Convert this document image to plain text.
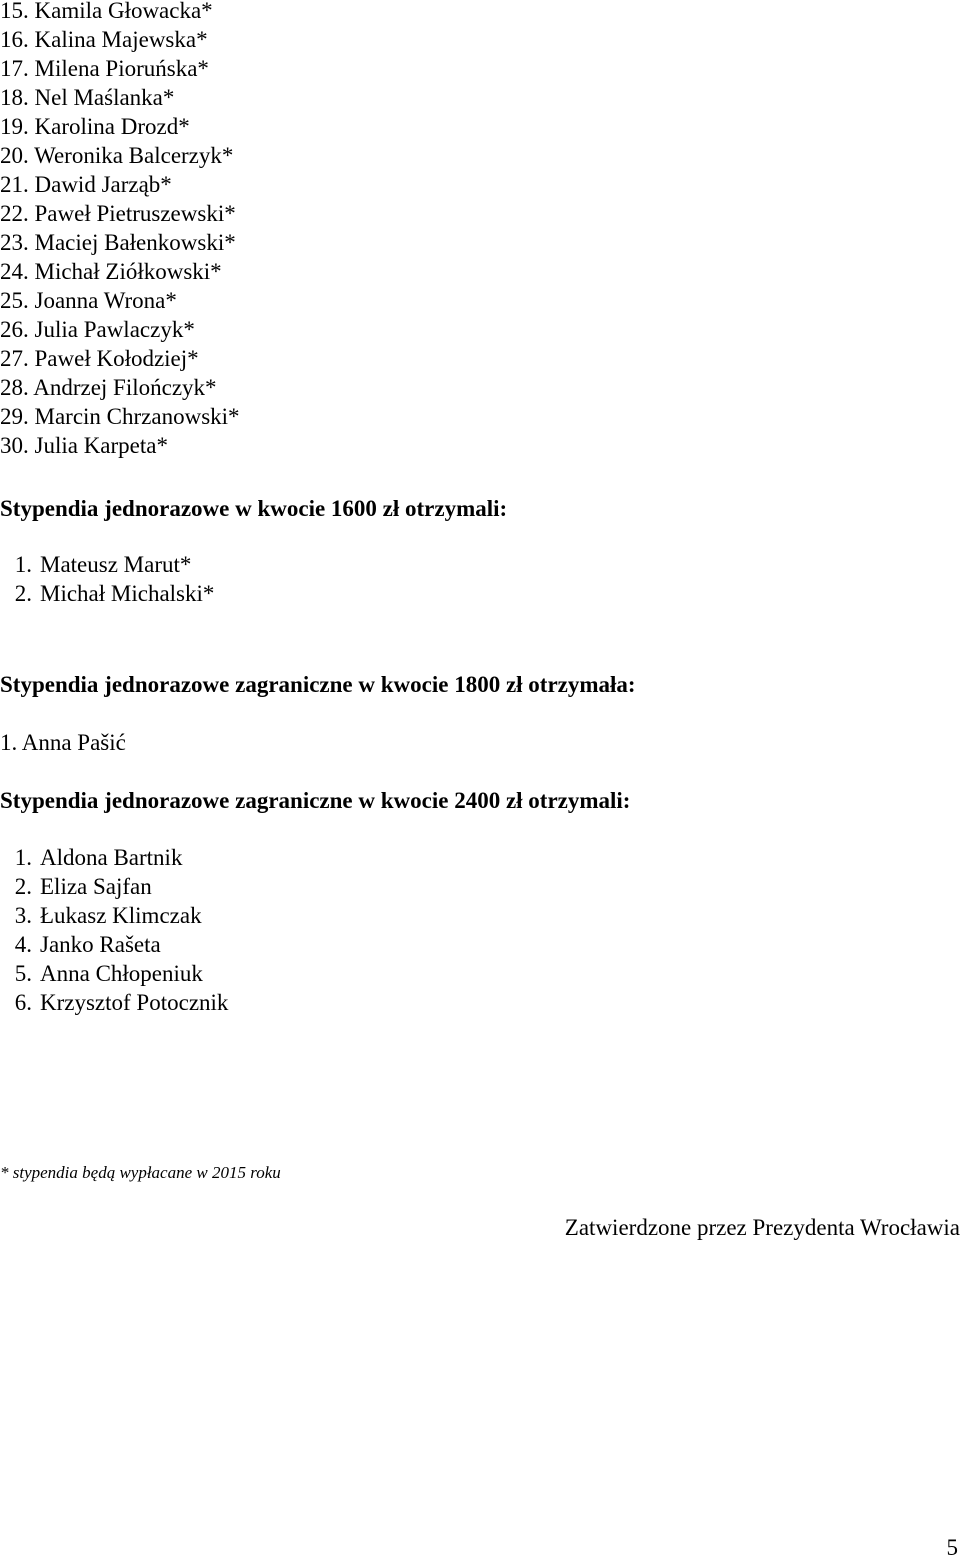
15. Kamila Głowacka*
16. Kalina Majewska*
17. Milena Pioruńska*
18. Nel Maślanka*
19. Karolina Drozd*
20. Weronika Balcerzyk*
21. Dawid Jarząb*
22. Paweł Pietruszewski*
23. Maciej Bałenkowski*
24. Michał Ziółkowski*
25. Joanna Wrona*
26. Julia Pawlaczyk*
27. Paweł Kołodziej*
28. Andrzej Filończyk*
29. Marcin Chrzanowski*
30. Julia Karpeta*
Stypendia jednorazowe w kwocie 1600 zł otrzymali:
1. Mateusz Marut*
2. Michał Michalski*
Stypendia jednorazowe zagraniczne w kwocie 1800 zł otrzymała:
1. Anna Pašić
Stypendia jednorazowe zagraniczne w kwocie 2400 zł otrzymali:
1. Aldona Bartnik
2. Eliza Sajfan
3. Łukasz Klimczak
4. Janko Rašeta
5. Anna Chłopeniuk
6. Krzysztof Potocznik
* stypendia będą wypłacane w 2015 roku
Zatwierdzone przez Prezydenta Wrocławia
5
